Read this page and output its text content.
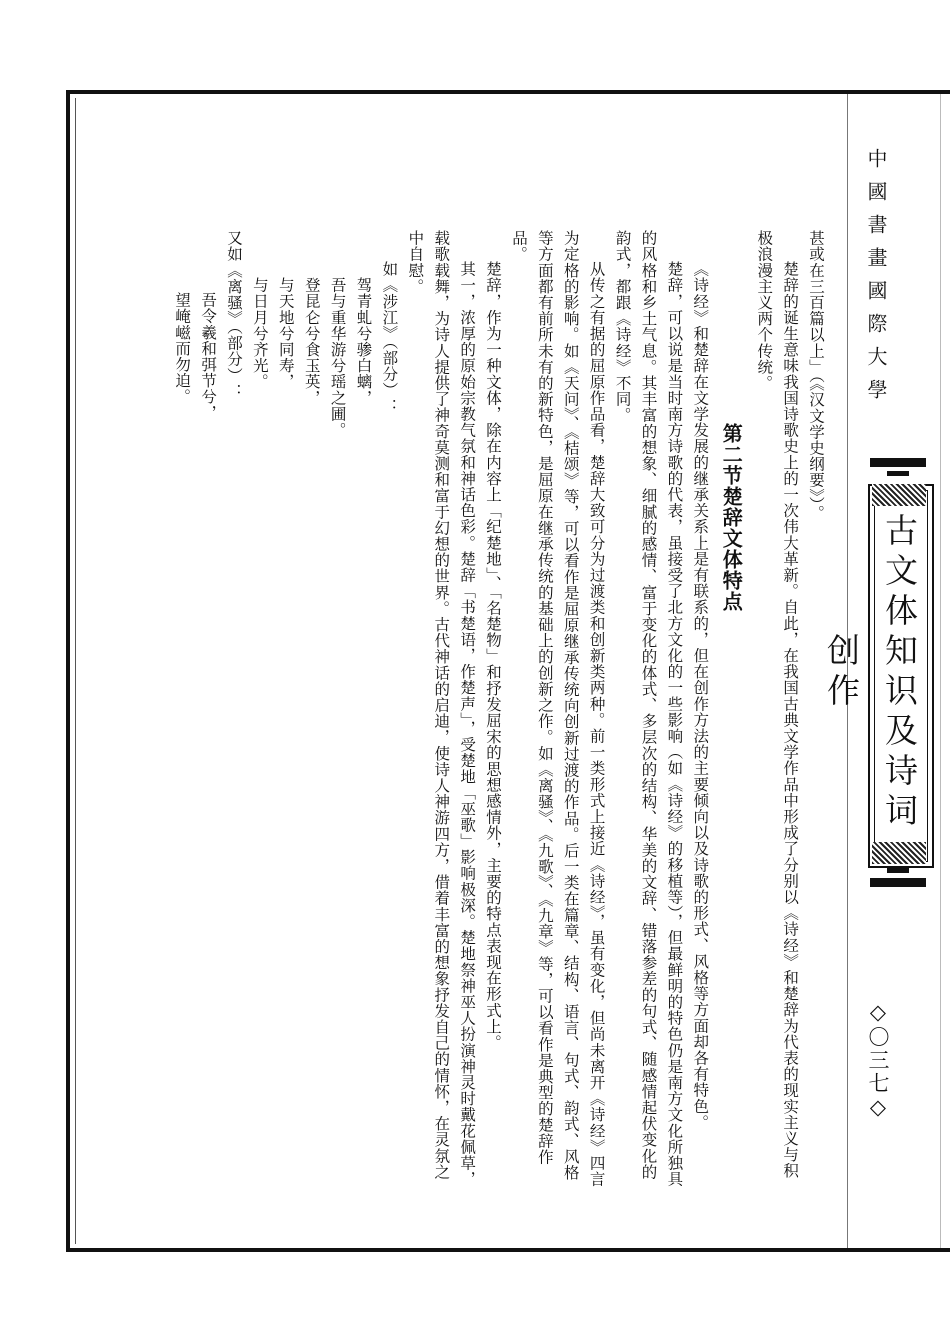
中國書畫國際大學
古文体知识及诗词创作
◇〇三七◇

甚或在三百篇以上」（《汉文学史纲要》）。

楚辞的诞生意味我国诗歌史上的一次伟大革新。自此，在我国古典文学作品中形成了分别以《诗经》和楚辞为代表的现实主义与积极浪漫主义两个传统。

第二节楚辞文体特点

《诗经》和楚辞在文学发展的继承关系上是有联系的，但在创作方法的主要倾向以及诗歌的形式、风格等方面却各有特色。

楚辞，可以说是当时南方诗歌的代表，虽接受了北方文化的一些影响（如《诗经》的移植等），但最鲜明的特色仍是南方文化所独具的风格和乡土气息。其丰富的想象、细腻的感情、富于变化的体式、多层次的结构、华美的文辞、错落参差的句式、随感情起伏变化的韵式，都跟《诗经》不同。

从传之有据的屈原作品看，楚辞大致可分为过渡类和创新类两种。前一类形式上接近《诗经》，虽有变化，但尚未离开《诗经》四言为定格的影响。如《天问》、《桔颂》等，可以看作是屈原继承传统向创新过渡的作品。后一类在篇章、结构、语言、句式、韵式、风格等方面都有前所未有的新特色，是屈原在继承传统的基础上的创新之作。如《离骚》、《九歌》、《九章》等，可以看作是典型的楚辞作品。

楚辞，作为一种文体，除在内容上「纪楚地」、「名楚物」和抒发屈宋的思想感情外，主要的特点表现在形式上。

其一，浓厚的原始宗教气氛和神话色彩。楚辞「书楚语，作楚声」，受楚地「巫歌」影响极深。楚地祭神巫人扮演神灵时戴花佩草，载歌载舞，为诗人提供了神奇莫测和富于幻想的世界。古代神话的启迪，使诗人神游四方，借着丰富的想象抒发自己的情怀，在灵氛之中自慰。

如《涉江》（部分）：

驾青虬兮骖白螭，

吾与重华游兮瑶之圃。

登昆仑兮食玉英，

与天地兮同寿，

与日月兮齐光。

又如《离骚》（部分）：

吾令羲和弭节兮，

望崦嵫而勿迫。
